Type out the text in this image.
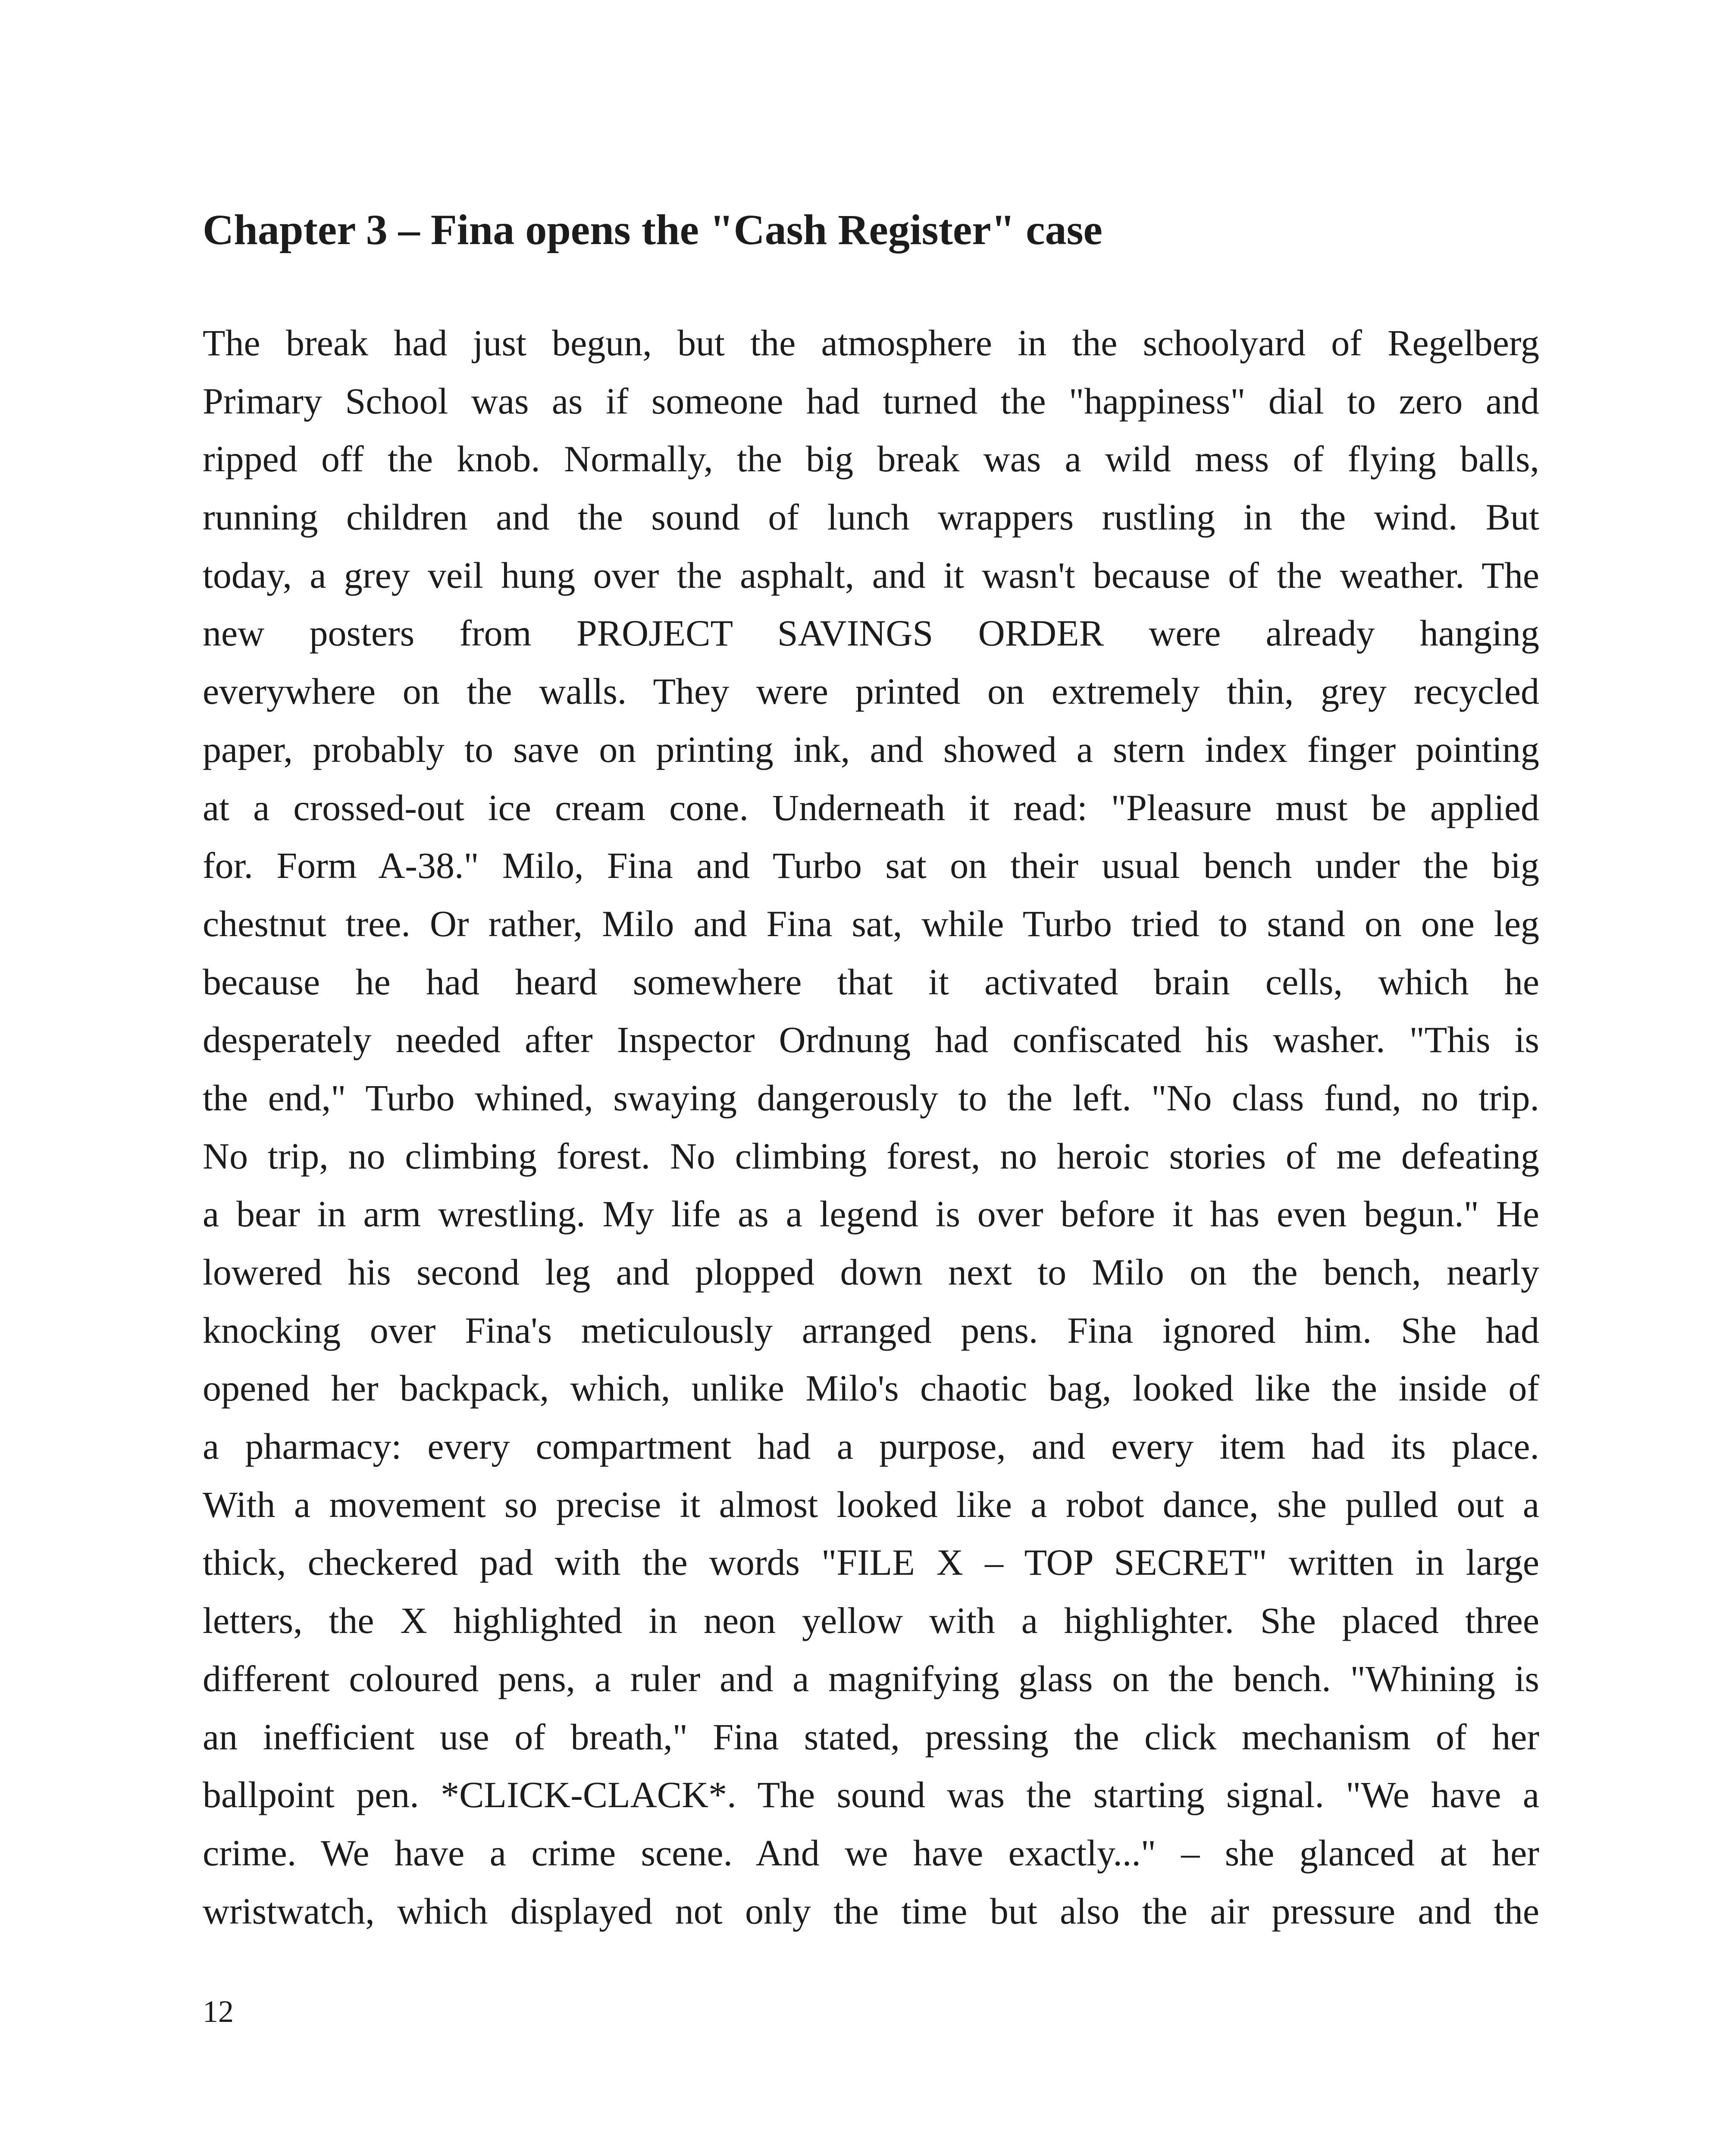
Chapter 3 – Fina opens the "Cash Register" case
The break had just begun, but the atmosphere in the schoolyard of Regelberg
Primary School was as if someone had turned the "happiness" dial to zero and
ripped off the knob. Normally, the big break was a wild mess of flying balls,
running children and the sound of lunch wrappers rustling in the wind. But
today, a grey veil hung over the asphalt, and it wasn't because of the weather. The
new posters from PROJECT SAVINGS ORDER were already hanging
everywhere on the walls. They were printed on extremely thin, grey recycled
paper, probably to save on printing ink, and showed a stern index finger pointing
at a crossed-out ice cream cone. Underneath it read: "Pleasure must be applied
for. Form A-38." Milo, Fina and Turbo sat on their usual bench under the big
chestnut tree. Or rather, Milo and Fina sat, while Turbo tried to stand on one leg
because he had heard somewhere that it activated brain cells, which he
desperately needed after Inspector Ordnung had confiscated his washer. "This is
the end," Turbo whined, swaying dangerously to the left. "No class fund, no trip.
No trip, no climbing forest. No climbing forest, no heroic stories of me defeating
a bear in arm wrestling. My life as a legend is over before it has even begun." He
lowered his second leg and plopped down next to Milo on the bench, nearly
knocking over Fina's meticulously arranged pens. Fina ignored him. She had
opened her backpack, which, unlike Milo's chaotic bag, looked like the inside of
a pharmacy: every compartment had a purpose, and every item had its place.
With a movement so precise it almost looked like a robot dance, she pulled out a
thick, checkered pad with the words "FILE X – TOP SECRET" written in large
letters, the X highlighted in neon yellow with a highlighter. She placed three
different coloured pens, a ruler and a magnifying glass on the bench. "Whining is
an inefficient use of breath," Fina stated, pressing the click mechanism of her
ballpoint pen. *CLICK-CLACK*. The sound was the starting signal. "We have a
crime. We have a crime scene. And we have exactly..." – she glanced at her
wristwatch, which displayed not only the time but also the air pressure and the
12
